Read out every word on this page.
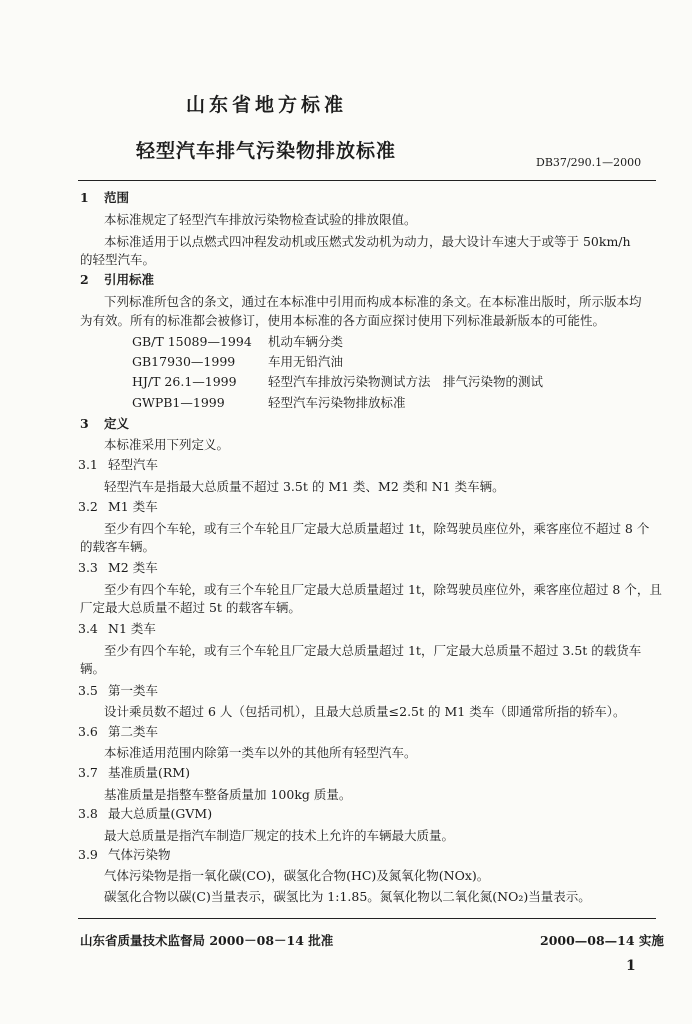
山东省地方标准
轻型汽车排气污染物排放标准
DB37/290.1—2000
1 范围
本标准规定了轻型汽车排放污染物检查试验的排放限值。
本标准适用于以点燃式四冲程发动机或压燃式发动机为动力，最大设计车速大于或等于 50km/h
的轻型汽车。
2 引用标准
下列标准所包含的条文，通过在本标准中引用而构成本标准的条文。在本标准出版时，所示版本均
为有效。所有的标准都会被修订，使用本标准的各方面应探讨使用下列标准最新版本的可能性。
GB/T 15089—1994 机动车辆分类
GB17930—1999	车用无铅汽油
HJ/T 26.1—1999	轻型汽车排放污染物测试方法　排气污染物的测试
GWPB1—1999	轻型汽车污染物排放标准
3 定义
本标准采用下列定义。
3.1 轻型汽车
轻型汽车是指最大总质量不超过 3.5t 的 M1 类、M2 类和 N1 类车辆。
3.2 M1 类车
至少有四个车轮，或有三个车轮且厂定最大总质量超过 1t，除驾驶员座位外，乘客座位不超过 8 个
的载客车辆。
3.3 M2 类车
至少有四个车轮，或有三个车轮且厂定最大总质量超过 1t，除驾驶员座位外，乘客座位超过 8 个，且
厂定最大总质量不超过 5t 的载客车辆。
3.4 N1 类车
至少有四个车轮，或有三个车轮且厂定最大总质量超过 1t，厂定最大总质量不超过 3.5t 的载货车
辆。
3.5 第一类车
设计乘员数不超过 6 人（包括司机），且最大总质量≤2.5t 的 M1 类车（即通常所指的轿车）。
3.6 第二类车
本标准适用范围内除第一类车以外的其他所有轻型汽车。
3.7 基准质量(RM)
基准质量是指整车整备质量加 100kg 质量。
3.8 最大总质量(GVM)
最大总质量是指汽车制造厂规定的技术上允许的车辆最大质量。
3.9 气体污染物
气体污染物是指一氧化碳(CO)，碳氢化合物(HC)及氮氧化物(NOx)。
碳氢化合物以碳(C)当量表示，碳氢比为 1:1.85。氮氧化物以二氧化氮(NO₂)当量表示。
山东省质量技术监督局 2000－08－14 批准	2000—08—14 实施
1
